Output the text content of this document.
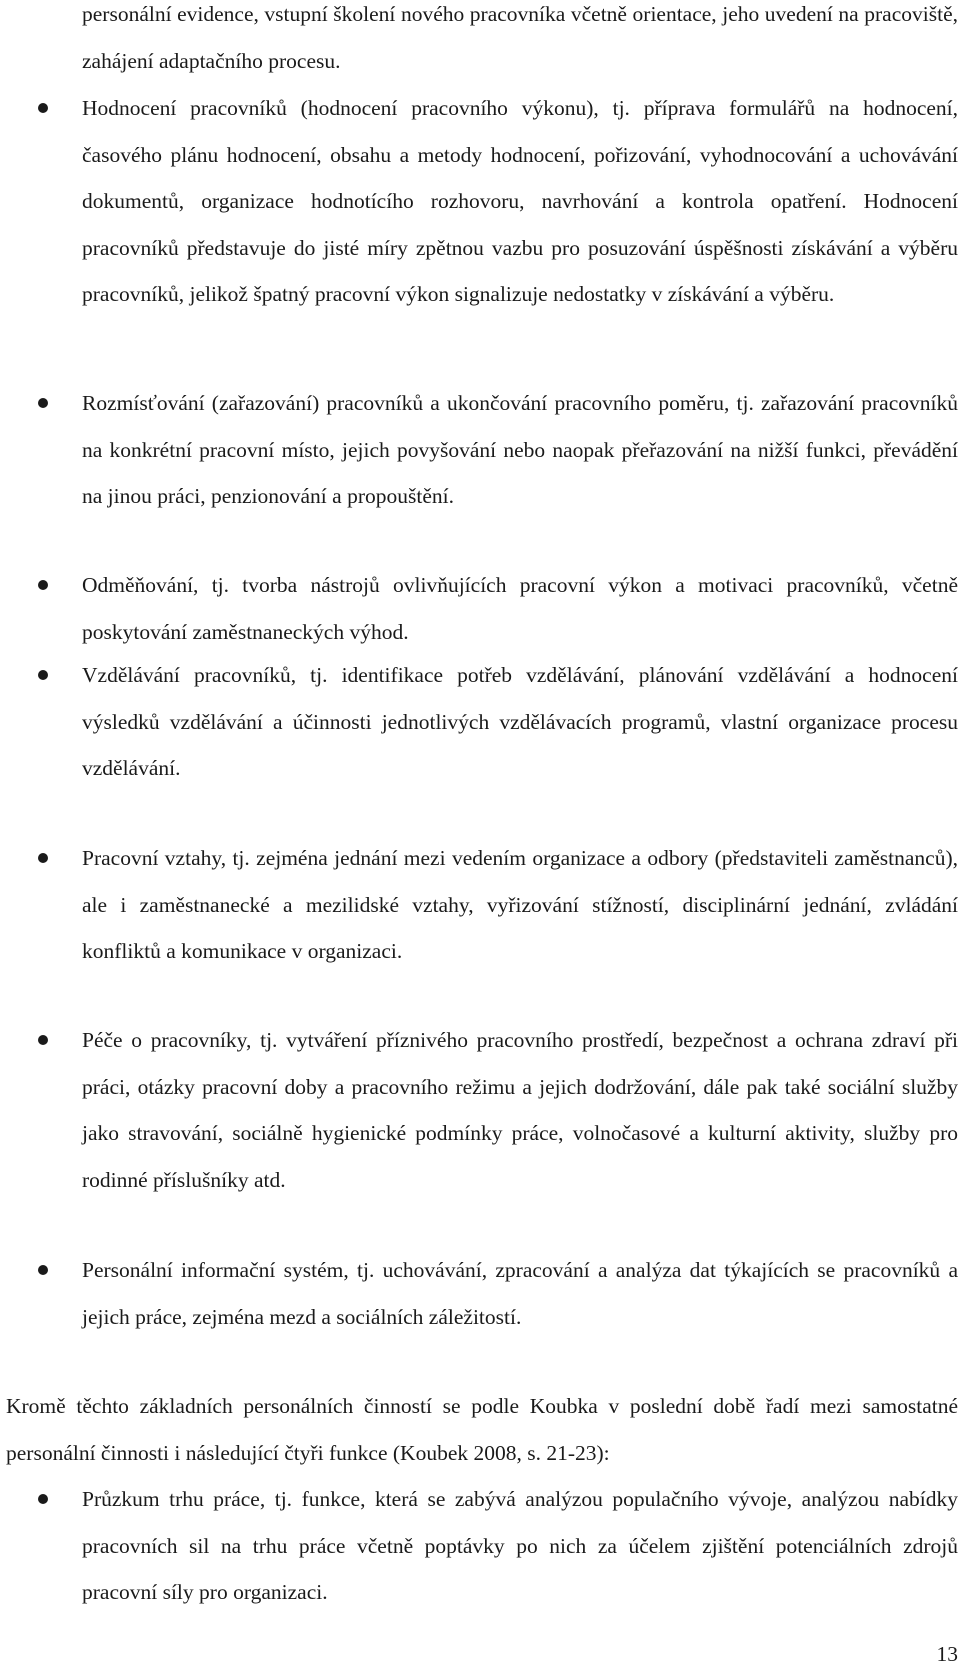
personální evidence, vstupní školení nového pracovníka včetně orientace, jeho uvedení na pracoviště, zahájení adaptačního procesu.

Hodnocení pracovníků (hodnocení pracovního výkonu), tj. příprava formulářů na hodnocení, časového plánu hodnocení, obsahu a metody hodnocení, pořizování, vyhodnocování a uchovávání dokumentů, organizace hodnotícího rozhovoru, navrhování a kontrola opatření. Hodnocení pracovníků představuje do jisté míry zpětnou vazbu pro posuzování úspěšnosti získávání a výběru pracovníků, jelikož špatný pracovní výkon signalizuje nedostatky v získávání a výběru.

Rozmísťování (zařazování) pracovníků a ukončování pracovního poměru, tj. zařazování pracovníků na konkrétní pracovní místo, jejich povyšování nebo naopak přeřazování na nižší funkci, převádění na jinou práci, penzionování a propouštění.

Odměňování, tj. tvorba nástrojů ovlivňujících pracovní výkon a motivaci pracovníků, včetně poskytování zaměstnaneckých výhod.

Vzdělávání pracovníků, tj. identifikace potřeb vzdělávání, plánování vzdělávání a hodnocení výsledků vzdělávání a účinnosti jednotlivých vzdělávacích programů, vlastní organizace procesu vzdělávání.

Pracovní vztahy, tj. zejména jednání mezi vedením organizace a odbory (představiteli zaměstnanců), ale i zaměstnanecké a mezilidské vztahy, vyřizování stížností, disciplinární jednání, zvládání konfliktů a komunikace v organizaci.

Péče o pracovníky, tj. vytváření příznivého pracovního prostředí, bezpečnost a ochrana zdraví při práci, otázky pracovní doby a pracovního režimu a jejich dodržování, dále pak také sociální služby jako stravování, sociálně hygienické podmínky práce, volnočasové a kulturní aktivity, služby pro rodinné příslušníky atd.

Personální informační systém, tj. uchovávání, zpracování a analýza dat týkajících se pracovníků a jejich práce, zejména mezd a sociálních záležitostí.

Kromě těchto základních personálních činností se podle Koubka v poslední době řadí mezi samostatné personální činnosti i následující čtyři funkce (Koubek 2008, s. 21-23):

Průzkum trhu práce, tj. funkce, která se zabývá analýzou populačního vývoje, analýzou nabídky pracovních sil na trhu práce včetně poptávky po nich za účelem zjištění potenciálních zdrojů pracovní síly pro organizaci.

13
